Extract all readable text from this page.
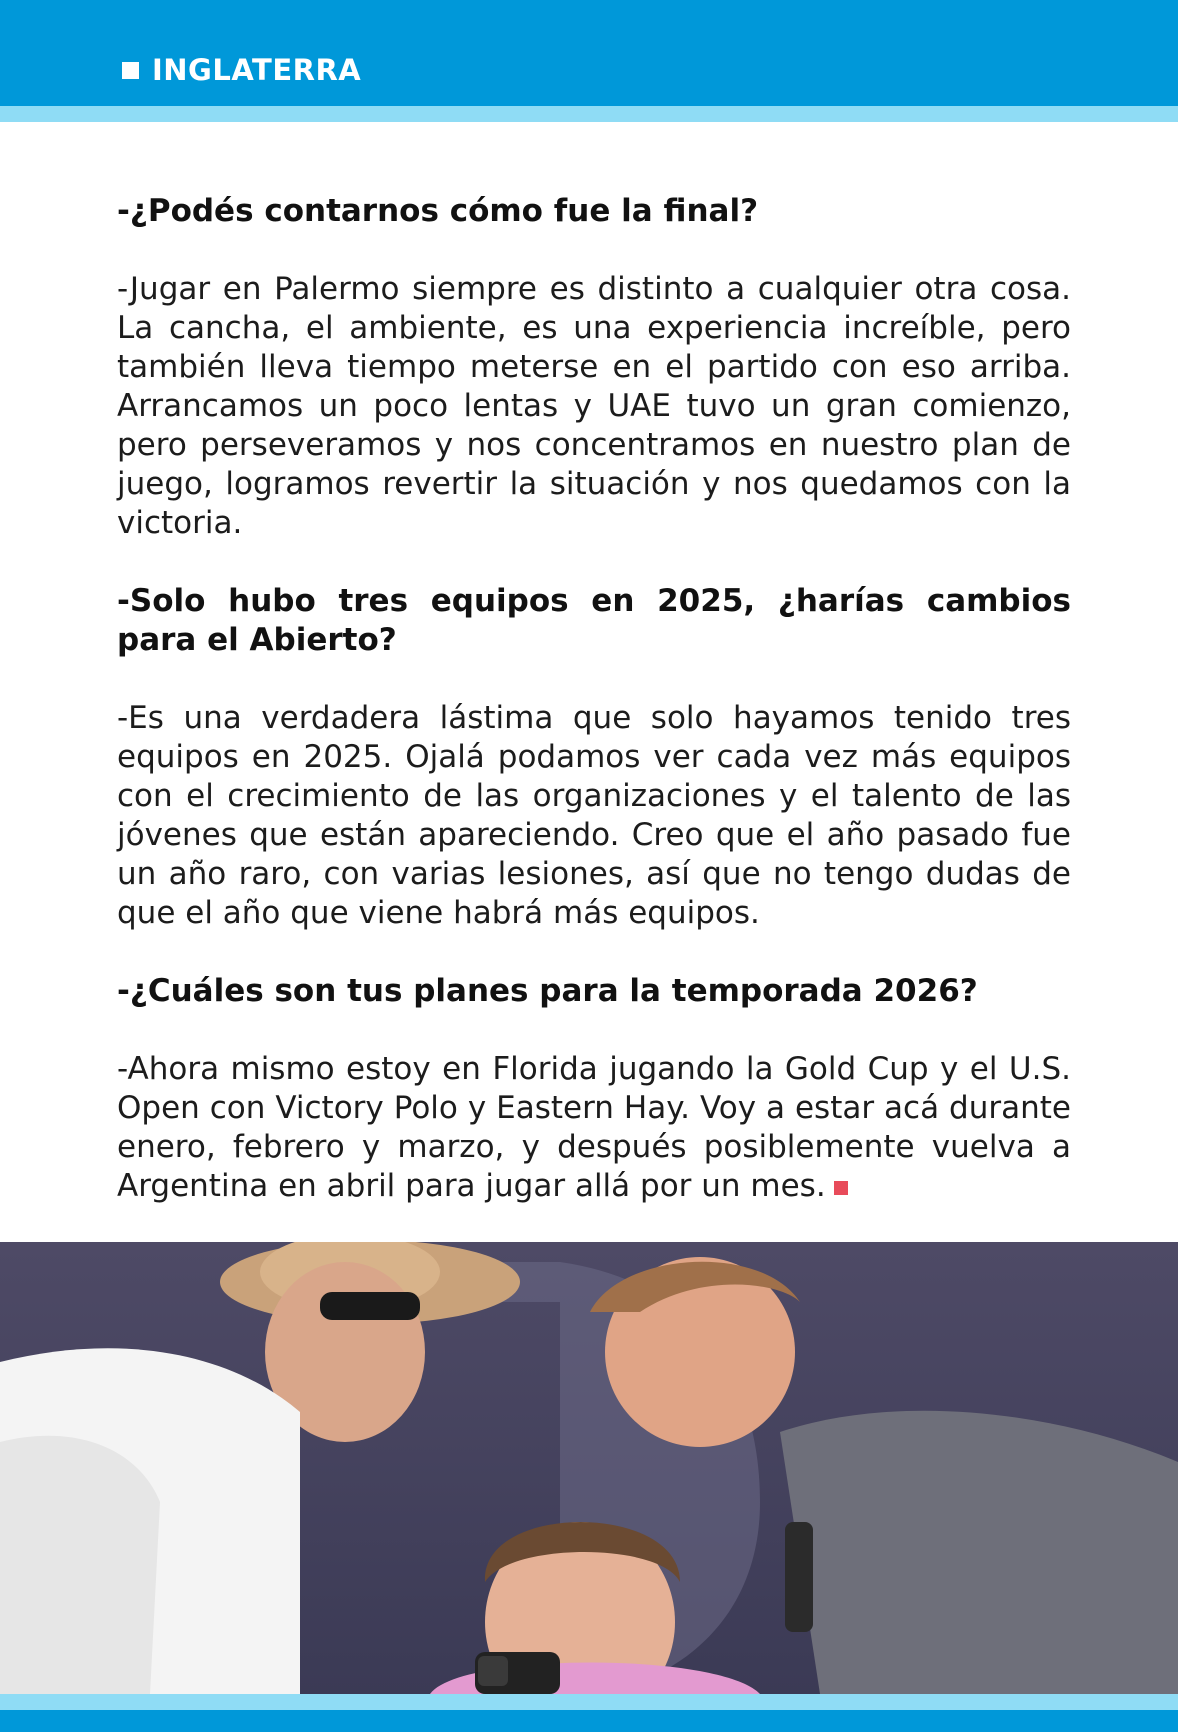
INGLATERRA

-¿Podés contarnos cómo fue la final?

-Jugar en Palermo siempre es distinto a cualquier otra cosa. La cancha, el ambiente, es una experiencia increíble, pero también lleva tiempo meterse en el partido con eso arriba. Arrancamos un poco lentas y UAE tuvo un gran comienzo, pero perseveramos y nos concentramos en nuestro plan de juego, logramos revertir la situación y nos quedamos con la victoria.

-Solo hubo tres equipos en 2025, ¿harías cambios para el Abierto?

-Es una verdadera lástima que solo hayamos tenido tres equipos en 2025. Ojalá podamos ver cada vez más equipos con el crecimiento de las organizaciones y el talento de las jóvenes que están apareciendo. Creo que el año pasado fue un año raro, con varias lesiones, así que no tengo dudas de que el año que viene habrá más equipos.

-¿Cuáles son tus planes para la temporada 2026?

-Ahora mismo estoy en Florida jugando la Gold Cup y el U.S. Open con Victory Polo y Eastern Hay. Voy a estar acá durante enero, febrero y marzo, y después posiblemente vuelva a Argentina en abril para jugar allá por un mes.
